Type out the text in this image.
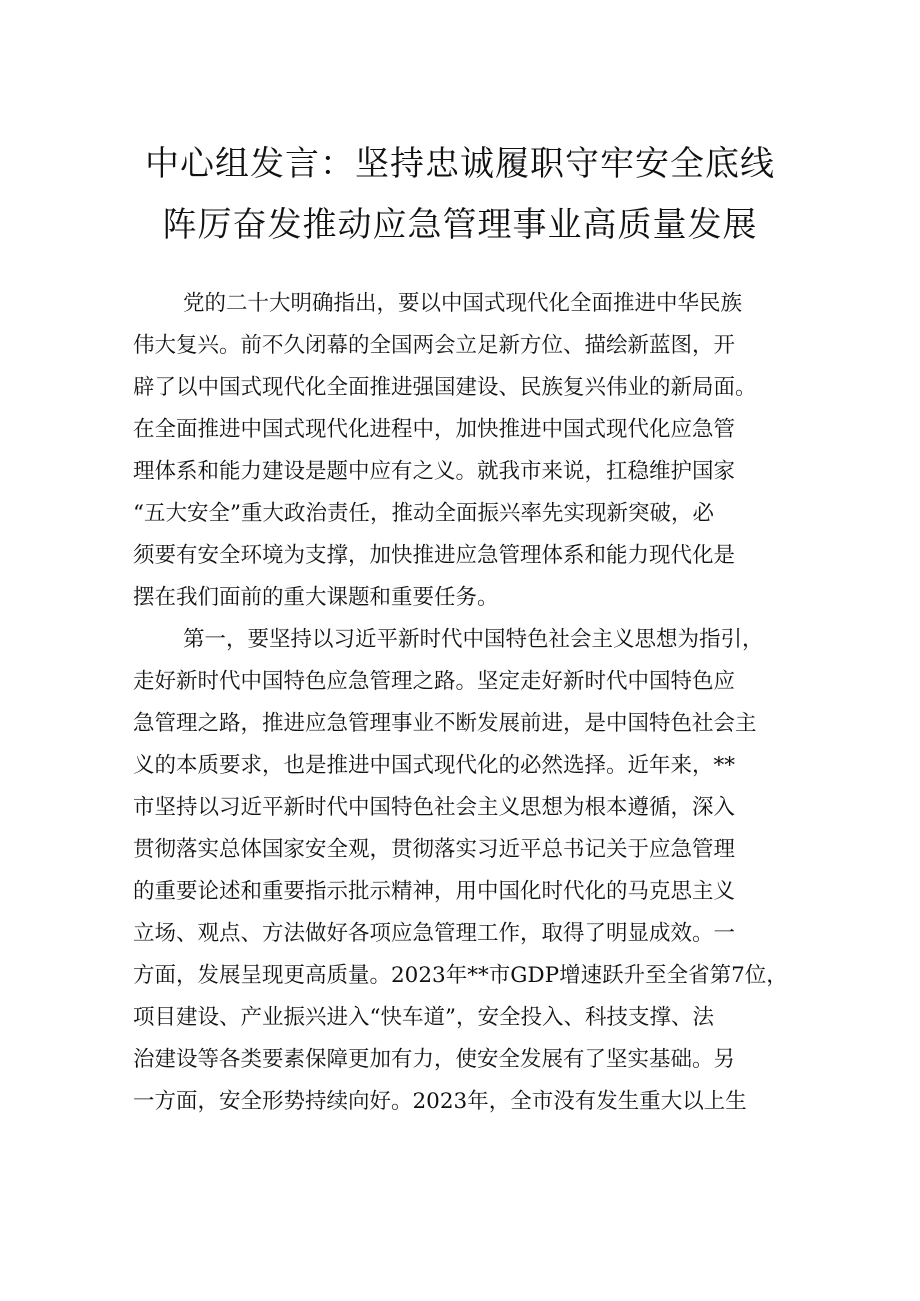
中心组发言：坚持忠诚履职守牢安全底线
阵厉奋发推动应急管理事业高质量发展
党的二十大明确指出，要以中国式现代化全面推进中华民族
伟大复兴。前不久闭幕的全国两会立足新方位、描绘新蓝图，开
辟了以中国式现代化全面推进强国建设、民族复兴伟业的新局面。
在全面推进中国式现代化进程中，加快推进中国式现代化应急管
理体系和能力建设是题中应有之义。就我市来说，扛稳维护国家
“五大安全”重大政治责任，推动全面振兴率先实现新突破，必
须要有安全环境为支撑，加快推进应急管理体系和能力现代化是
摆在我们面前的重大课题和重要任务。
第一，要坚持以习近平新时代中国特色社会主义思想为指引，
走好新时代中国特色应急管理之路。坚定走好新时代中国特色应
急管理之路，推进应急管理事业不断发展前进，是中国特色社会主
义的本质要求，也是推进中国式现代化的必然选择。近年来，**
市坚持以习近平新时代中国特色社会主义思想为根本遵循，深入
贯彻落实总体国家安全观，贯彻落实习近平总书记关于应急管理
的重要论述和重要指示批示精神，用中国化时代化的马克思主义
立场、观点、方法做好各项应急管理工作，取得了明显成效。一
方面，发展呈现更高质量。2023年**市GDP增速跃升至全省第7位，
项目建设、产业振兴进入“快车道”，安全投入、科技支撑、法
治建设等各类要素保障更加有力，使安全发展有了坚实基础。另
一方面，安全形势持续向好。2023年，全市没有发生重大以上生
